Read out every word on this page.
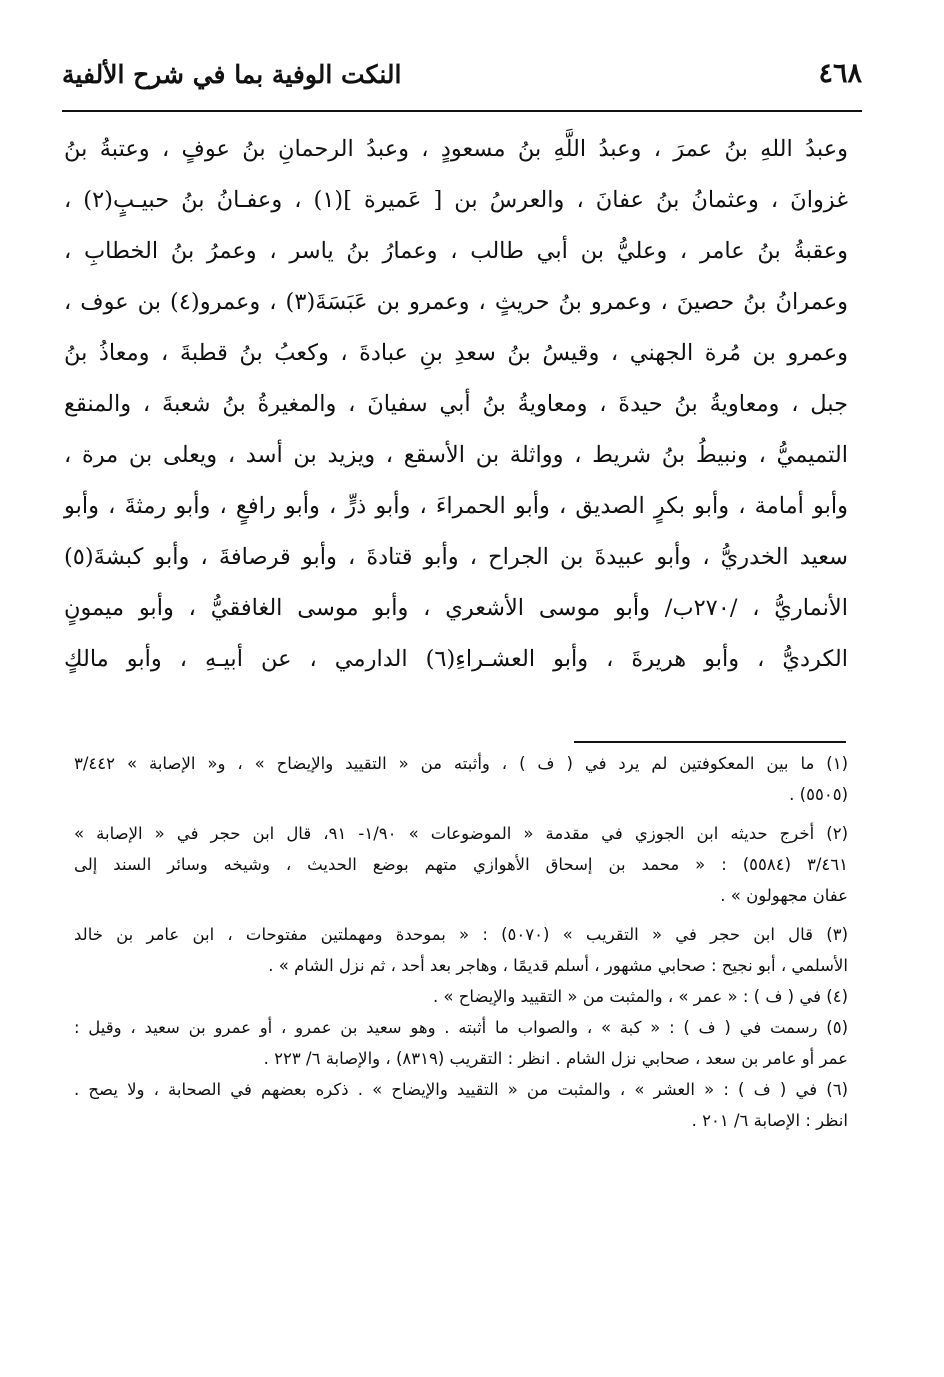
النكت الوفية بما في شرح الألفية	٤٦٨
وعبدُ اللهِ بنُ عمرَ ، وعبدُ اللَّهِ بنُ مسعودٍ ، وعبدُ الرحمانِ بنُ عوفٍ ، وعتبةُ بنُ
غزوانَ ، وعثمانُ بنُ عفانَ ، والعرسُ بن [ عَميرة ](١) ، وعفـانُ بنُ حبيـبٍ(٢) ،
وعقبةُ بنُ عامر ، وعليُّ بن أبي طالب ، وعمارُ بنُ ياسر ، وعمرُ بنُ الخطابِ ،
وعمرانُ بنُ حصينَ ، وعمرو بنُ حريثٍ ، وعمرو بن عَبَسَةَ(٣) ، وعمرو(٤) بن عوف ،
وعمرو بن مُرة الجهني ، وقيسُ بنُ سعدِ بنِ عبادةَ ، وكعبُ بنُ قطبةَ ، ومعاذُ بنُ
جبل ، ومعاويةُ بنُ حيدةَ ، ومعاويةُ بنُ أبي سفيانَ ، والمغيرةُ بنُ شعبةَ ، والمنقع
التميميُّ ، ونبيطُ بنُ شريط ، وواثلة بن الأسقع ، ويزيد بن أسد ، ويعلى بن مرة ،
وأبو أمامة ، وأبو بكرٍ الصديق ، وأبو الحمراءَ ، وأبو ذرٍّ ، وأبو رافعٍ ، وأبو رمثةَ ، وأبو
سعيد الخدريُّ ، وأبو عبيدةَ بن الجراح ، وأبو قتادةَ ، وأبو قرصافةَ ، وأبو كبشةَ(٥)
الأنماريُّ ، /٢٧٠ب/ وأبو موسى الأشعري ، وأبو موسى الغافقيُّ ، وأبو ميمونٍ
الكرديُّ ، وأبو هريرةَ ، وأبو العشـراءِ(٦) الدارمي ، عن أبيـهِ ، وأبو مالكٍ
(١) ما بين المعكوفتين لم يرد في ( ف ) ، وأثبته من « التقييد والإيضاح » ، و« الإصابة » ٣/٤٤٢
(٥٥٠٥) .
(٢) أخرج حديثه ابن الجوزي في مقدمة « الموضوعات » ١/٩٠- ٩١، قال ابن حجر في « الإصابة »
٣/٤٦١ (٥٥٨٤) : « محمد بن إسحاق الأهوازي متهم بوضع الحديث ، وشيخه وسائر السند إلى
عفان مجهولون » .
(٣) قال ابن حجر في « التقريب » (٥٠٧٠) : « بموحدة ومهملتين مفتوحات ، ابن عامر بن خالد
الأسلمي ، أبو نجيح : صحابي مشهور ، أسلم قديمًا ، وهاجر بعد أحد ، ثم نزل الشام » .
(٤) في ( ف ) : « عمر » ، والمثبت من « التقييد والإيضاح » .
(٥) رسمت في ( ف ) : « كبة » ، والصواب ما أثبته . وهو سعيد بن عمرو ، أو عمرو بن سعيد ، وقيل :
عمر أو عامر بن سعد ، صحابي نزل الشام . انظر : التقريب (٨٣١٩) ، والإصابة ٦/ ٢٢٣ .
(٦) في ( ف ) : « العشر » ، والمثبت من « التقييد والإيضاح » . ذكره بعضهم في الصحابة ، ولا يصح .
انظر : الإصابة ٦/ ٢٠١ .
